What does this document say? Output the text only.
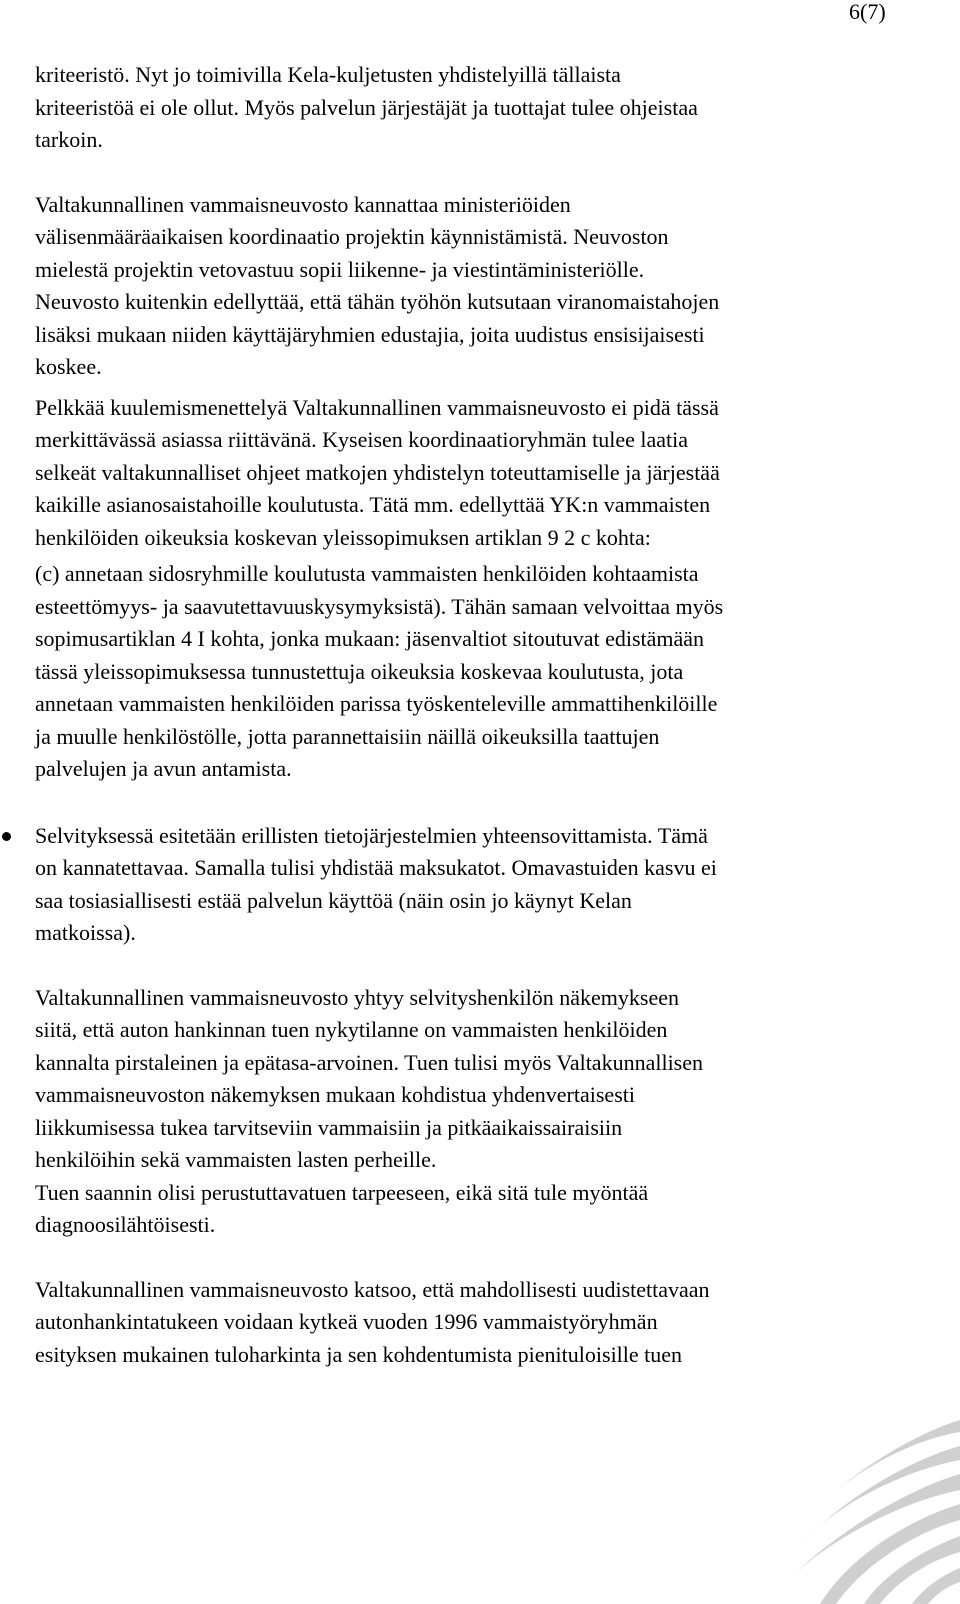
6(7)

kriteeristö. Nyt jo toimivilla Kela-kuljetusten yhdistelyillä tällaista
kriteeristöä ei ole ollut. Myös palvelun järjestäjät ja tuottajat tulee ohjeistaa
tarkoin.

Valtakunnallinen vammaisneuvosto kannattaa ministeriöiden
välisenmääräaikaisen koordinaatio projektin käynnistämistä. Neuvoston
mielestä projektin vetovastuu sopii liikenne- ja viestintäministeriölle.
Neuvosto kuitenkin edellyttää, että tähän työhön kutsutaan viranomaistahojen
lisäksi mukaan niiden käyttäjäryhmien edustajia, joita uudistus ensisijaisesti
koskee.

Pelkkää kuulemismenettelyä Valtakunnallinen vammaisneuvosto ei pidä tässä
merkittävässä asiassa riittävänä. Kyseisen koordinaatioryhmän tulee laatia
selkeät valtakunnalliset ohjeet matkojen yhdistelyn toteuttamiselle ja järjestää
kaikille asianosaistahoille koulutusta. Tätä mm. edellyttää YK:n vammaisten
henkilöiden oikeuksia koskevan yleissopimuksen artiklan 9 2 c kohta:

(c) annetaan sidosryhmille koulutusta vammaisten henkilöiden kohtaamista
esteettömyys- ja saavutettavuuskysymyksistä). Tähän samaan velvoittaa myös
sopimusartiklan 4 I kohta, jonka mukaan: jäsenvaltiot sitoutuvat edistämään
tässä yleissopimuksessa tunnustettuja oikeuksia koskevaa koulutusta, jota
annetaan vammaisten henkilöiden parissa työskenteleville ammattihenkilöille
ja muulle henkilöstölle, jotta parannettaisiin näillä oikeuksilla taattujen
palvelujen ja avun antamista.

Selvityksessä esitetään erillisten tietojärjestelmien yhteensovittamista. Tämä
on kannatettavaa. Samalla tulisi yhdistää maksukatot. Omavastuiden kasvu ei
saa tosiasiallisesti estää palvelun käyttöä (näin osin jo käynyt Kelan
matkoissa).

Valtakunnallinen vammaisneuvosto yhtyy selvityshenkilön näkemykseen
siitä, että auton hankinnan tuen nykytilanne on vammaisten henkilöiden
kannalta pirstaleinen ja epätasa-arvoinen. Tuen tulisi myös Valtakunnallisen
vammaisneuvoston näkemyksen mukaan kohdistua yhdenvertaisesti
liikkumisessa tukea tarvitseviin vammaisiin ja pitkäaikaissairaisiin
henkilöihin sekä vammaisten lasten perheille.

Tuen saannin olisi perustuttavatuen tarpeeseen, eikä sitä tule myöntää
diagnoosilähtöisesti.

Valtakunnallinen vammaisneuvosto katsoo, että mahdollisesti uudistettavaan
autonhankintatukeen voidaan kytkeä vuoden 1996 vammaistyöryhmän
esityksen mukainen tuloharkinta ja sen kohdentumista pienituloisille tuen
